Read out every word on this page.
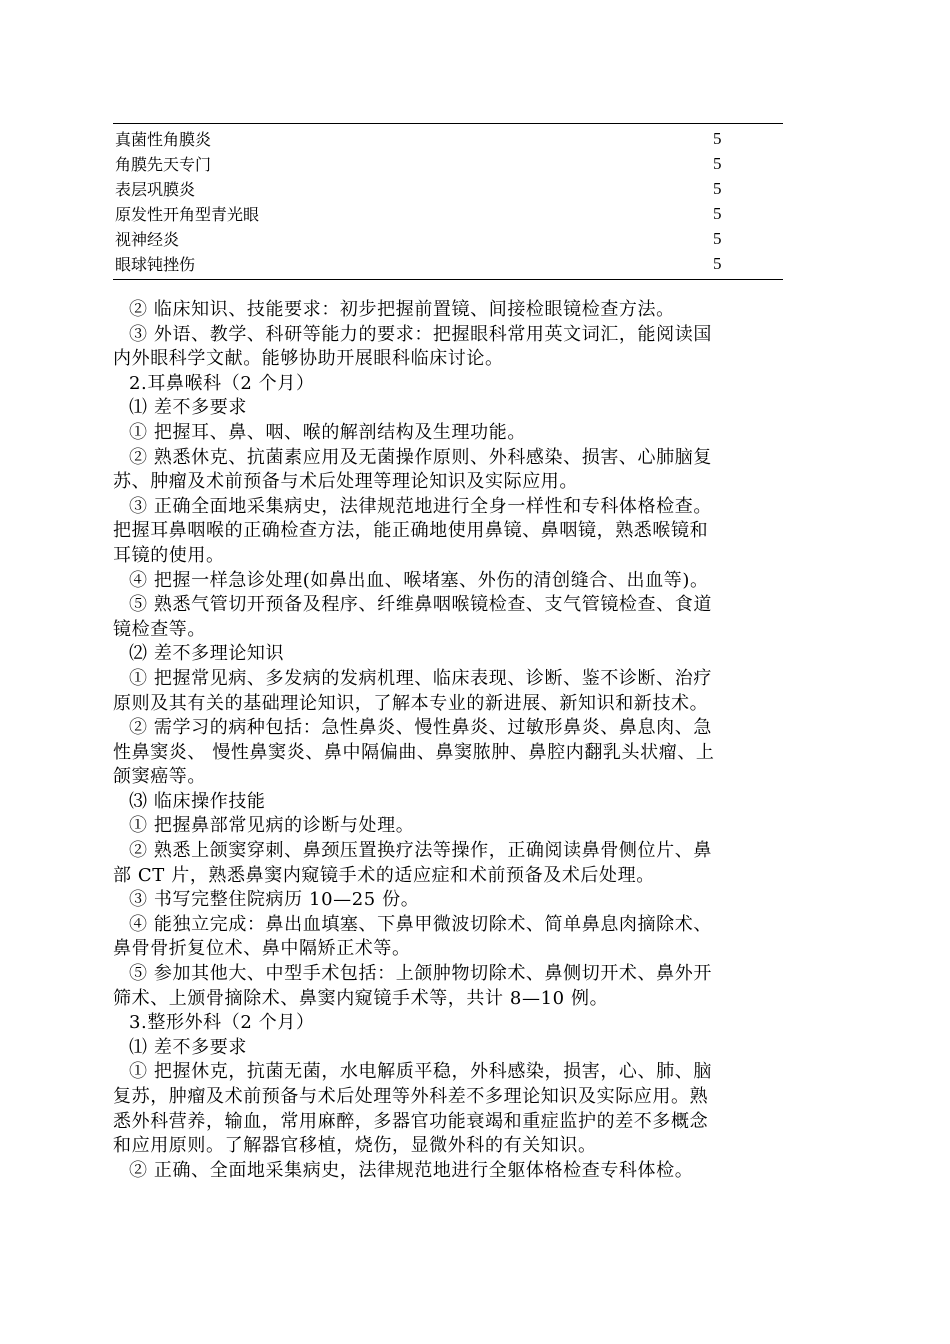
真菌性角膜炎	5
角膜先天专门	5
表层巩膜炎	5
原发性开角型青光眼	5
视神经炎	5
眼球钝挫伤	5
② 临床知识、技能要求：初步把握前置镜、间接检眼镜检查方法。
③ 外语、教学、科研等能力的要求：把握眼科常用英文词汇，能阅读国
内外眼科学文献。能够协助开展眼科临床讨论。
2.耳鼻喉科（2 个月）
⑴ 差不多要求
① 把握耳、鼻、咽、喉的解剖结构及生理功能。
② 熟悉休克、抗菌素应用及无菌操作原则、外科感染、损害、心肺脑复
苏、肿瘤及术前预备与术后处理等理论知识及实际应用。
③ 正确全面地采集病史，法律规范地进行全身一样性和专科体格检查。
把握耳鼻咽喉的正确检查方法，能正确地使用鼻镜、鼻咽镜，熟悉喉镜和
耳镜的使用。
④ 把握一样急诊处理(如鼻出血、喉堵塞、外伤的清创缝合、出血等)。
⑤ 熟悉气管切开预备及程序、纤维鼻咽喉镜检查、支气管镜检查、食道
镜检查等。
⑵ 差不多理论知识
① 把握常见病、多发病的发病机理、临床表现、诊断、鉴不诊断、治疗
原则及其有关的基础理论知识，了解本专业的新进展、新知识和新技术。
② 需学习的病种包括：急性鼻炎、慢性鼻炎、过敏形鼻炎、鼻息肉、急
性鼻窦炎、 慢性鼻窦炎、鼻中隔偏曲、鼻窦脓肿、鼻腔内翻乳头状瘤、上
颌窦癌等。
⑶ 临床操作技能
① 把握鼻部常见病的诊断与处理。
② 熟悉上颌窦穿刺、鼻颈压置换疗法等操作，正确阅读鼻骨侧位片、鼻
部 CT 片，熟悉鼻窦内窥镜手术的适应症和术前预备及术后处理。
③ 书写完整住院病历 10—25 份。
④ 能独立完成：鼻出血填塞、下鼻甲微波切除术、简单鼻息肉摘除术、
鼻骨骨折复位术、鼻中隔矫正术等。
⑤ 参加其他大、中型手术包括：上颌肿物切除术、鼻侧切开术、鼻外开
筛术、上颁骨摘除术、鼻窦内窥镜手术等，共计 8—10 例。
3.整形外科（2 个月）
⑴ 差不多要求
① 把握休克，抗菌无菌，水电解质平稳，外科感染，损害，心、肺、脑
复苏，肿瘤及术前预备与术后处理等外科差不多理论知识及实际应用。熟
悉外科营养，输血，常用麻醉，多器官功能衰竭和重症监护的差不多概念
和应用原则。了解器官移植，烧伤，显微外科的有关知识。
② 正确、全面地采集病史，法律规范地进行全躯体格检查专科体检。
